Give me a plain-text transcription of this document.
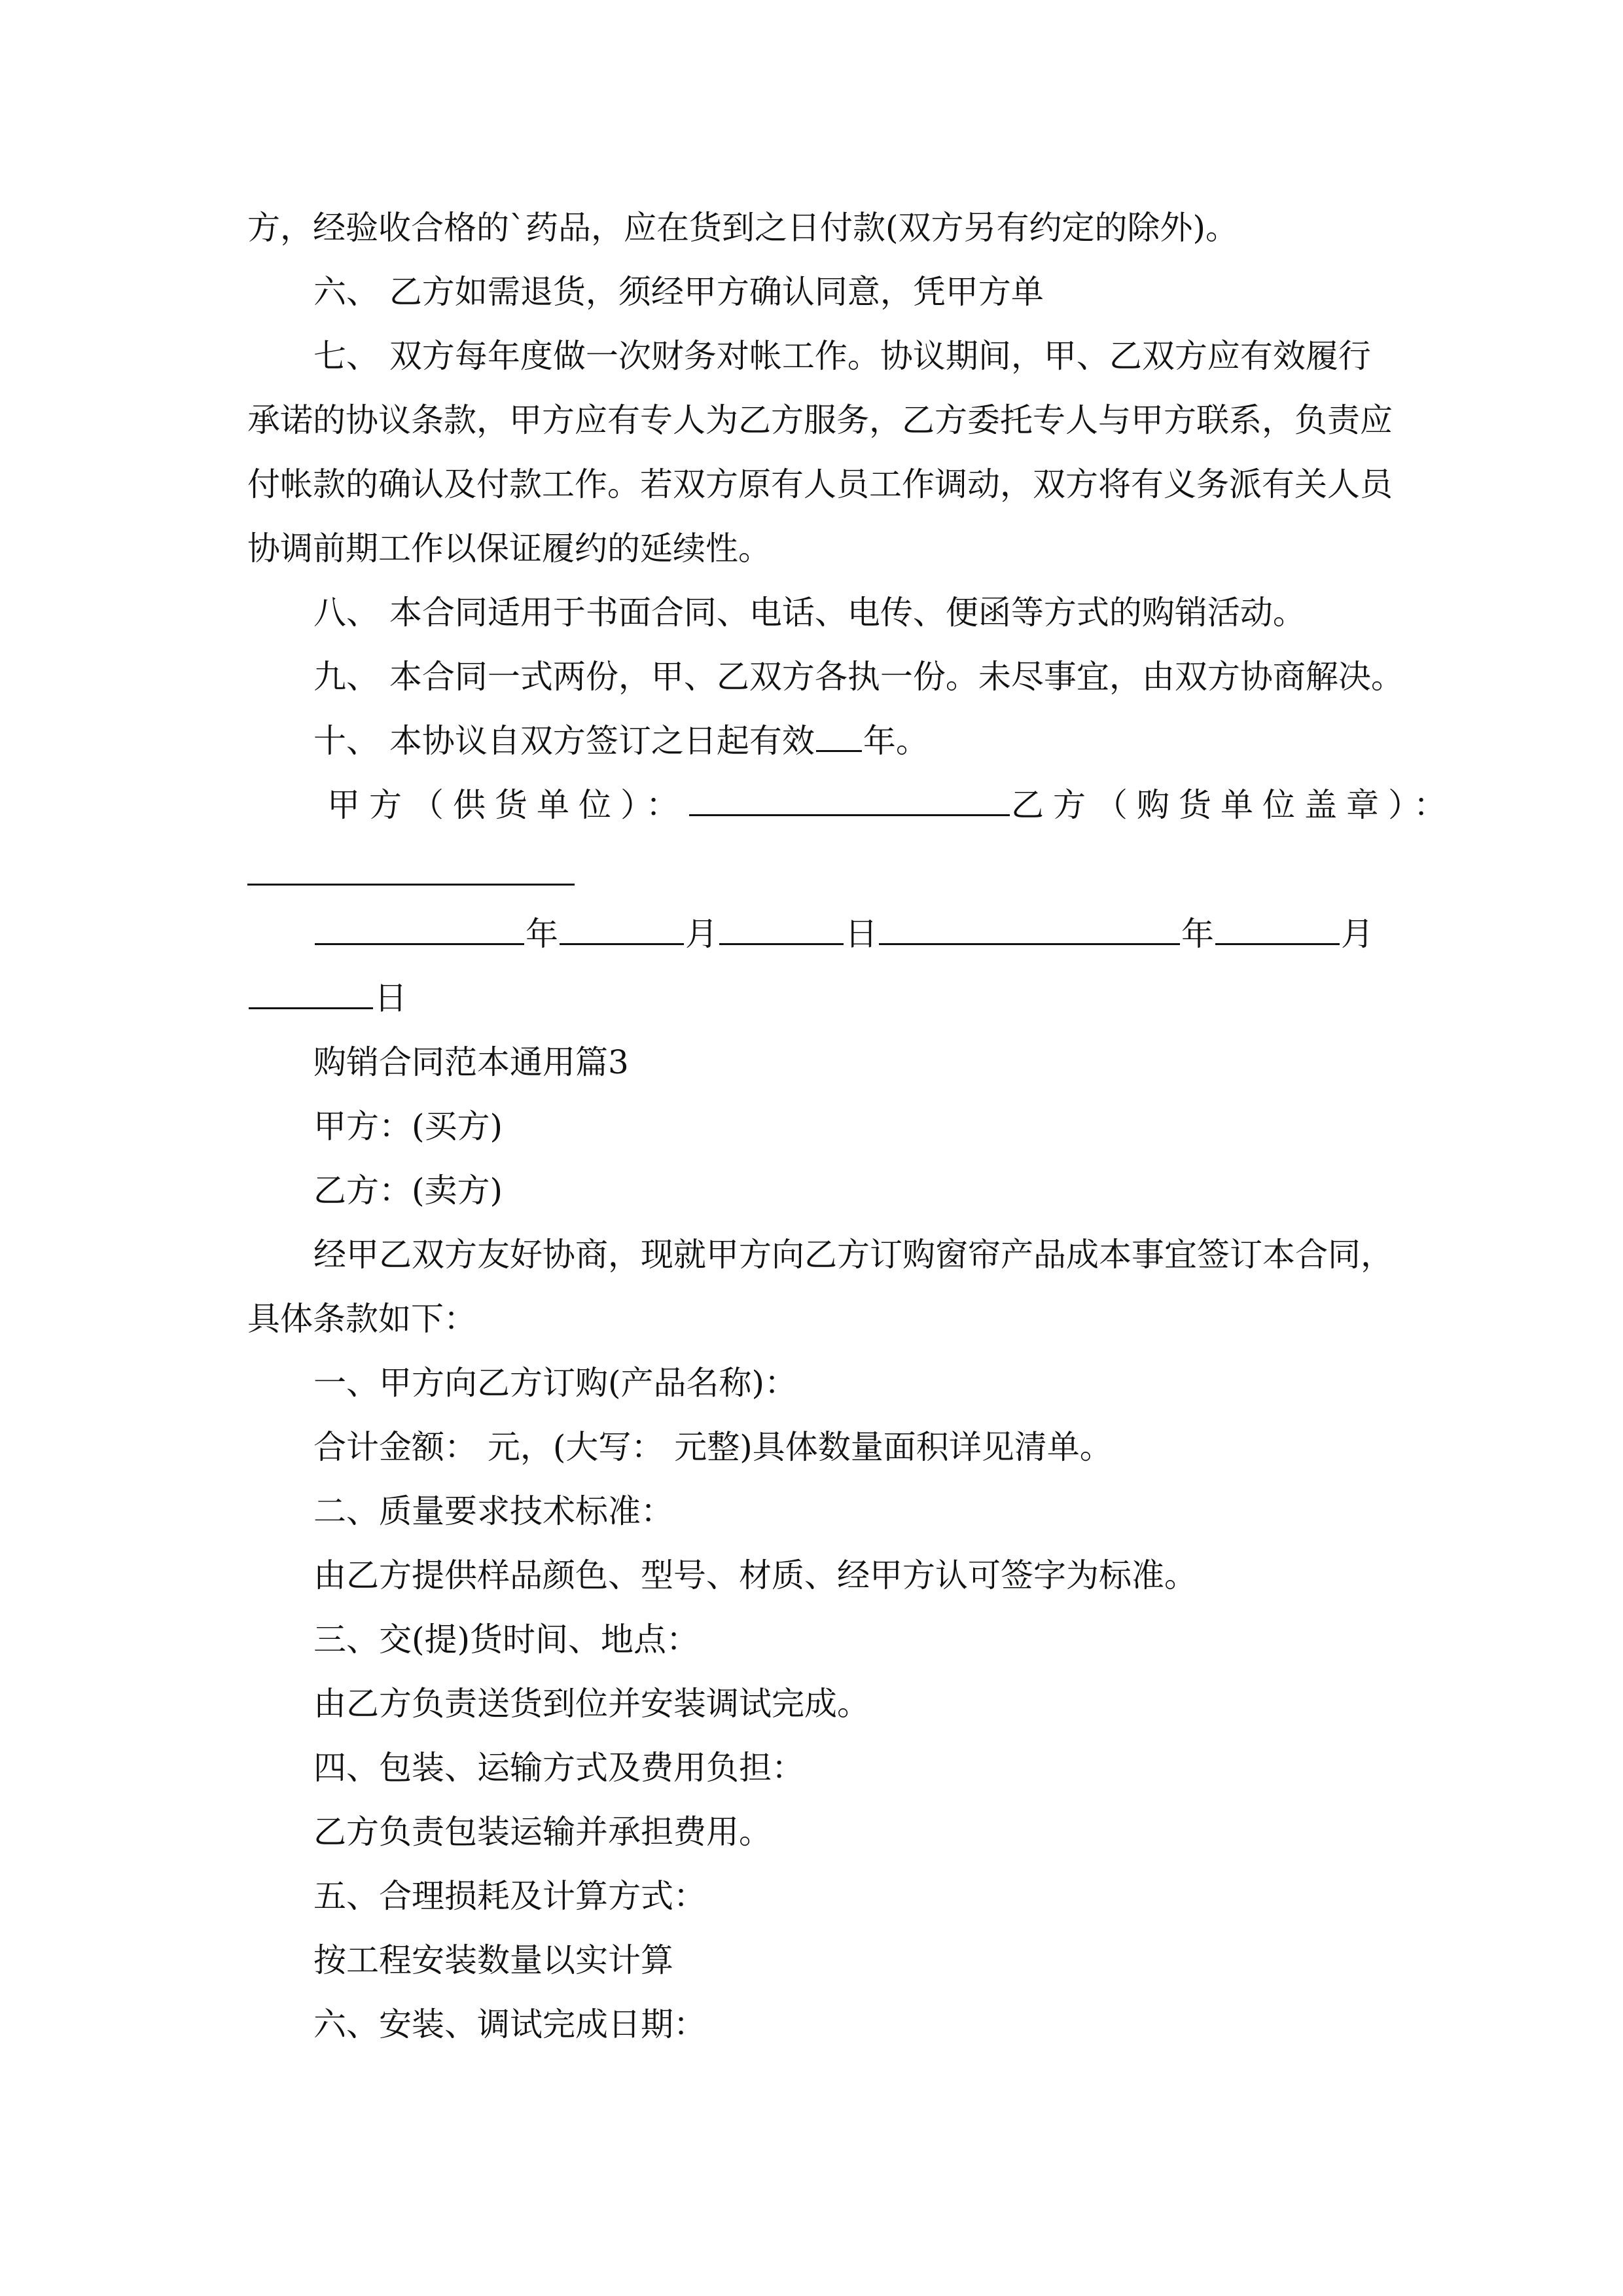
方，经验收合格的`药品，应在货到之日付款(双方另有约定的除外)。
六、 乙方如需退货，须经甲方确认同意，凭甲方单
七、 双方每年度做一次财务对帐工作。协议期间，甲、乙双方应有效履行
承诺的协议条款，甲方应有专人为乙方服务，乙方委托专人与甲方联系，负责应
付帐款的确认及付款工作。若双方原有人员工作调动，双方将有义务派有关人员
协调前期工作以保证履约的延续性。
八、 本合同适用于书面合同、电话、电传、便函等方式的购销活动。
九、 本合同一式两份，甲、乙双方各执一份。未尽事宜，由双方协商解决。
十、 本协议自双方签订之日起有效 年。
甲方（供货单位）：	乙方（购货单位盖章）：
年	月	日	年	月
日
购销合同范本通用篇3
甲方：(买方)
乙方：(卖方)
经甲乙双方友好协商，现就甲方向乙方订购窗帘产品成本事宜签订本合同，
具体条款如下：
一、甲方向乙方订购(产品名称)：
合计金额： 元，(大写： 元整)具体数量面积详见清单。
二、质量要求技术标准：
由乙方提供样品颜色、型号、材质、经甲方认可签字为标准。
三、交(提)货时间、地点：
由乙方负责送货到位并安装调试完成。
四、包装、运输方式及费用负担：
乙方负责包装运输并承担费用。
五、合理损耗及计算方式：
按工程安装数量以实计算
六、安装、调试完成日期：
